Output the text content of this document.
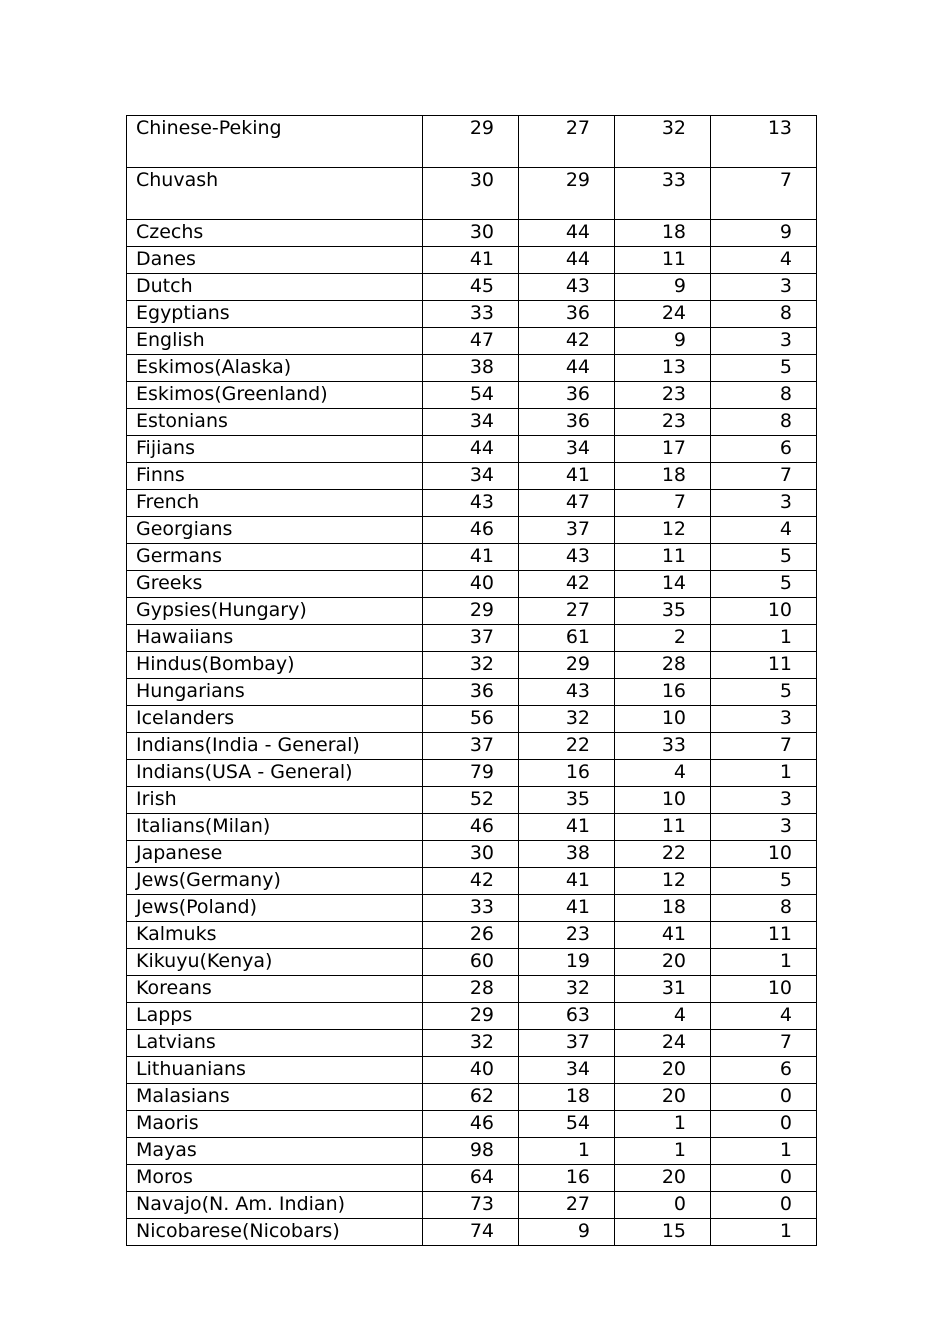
Chinese-Peking	29	27	32	13
Chuvash	30	29	33	7
Czechs	30	44	18	9
Danes	41	44	11	4
Dutch	45	43	9	3
Egyptians	33	36	24	8
English	47	42	9	3
Eskimos(Alaska)	38	44	13	5
Eskimos(Greenland)	54	36	23	8
Estonians	34	36	23	8
Fijians	44	34	17	6
Finns	34	41	18	7
French	43	47	7	3
Georgians	46	37	12	4
Germans	41	43	11	5
Greeks	40	42	14	5
Gypsies(Hungary)	29	27	35	10
Hawaiians	37	61	2	1
Hindus(Bombay)	32	29	28	11
Hungarians	36	43	16	5
Icelanders	56	32	10	3
Indians(India - General)	37	22	33	7
Indians(USA - General)	79	16	4	1
Irish	52	35	10	3
Italians(Milan)	46	41	11	3
Japanese	30	38	22	10
Jews(Germany)	42	41	12	5
Jews(Poland)	33	41	18	8
Kalmuks	26	23	41	11
Kikuyu(Kenya)	60	19	20	1
Koreans	28	32	31	10
Lapps	29	63	4	4
Latvians	32	37	24	7
Lithuanians	40	34	20	6
Malasians	62	18	20	0
Maoris	46	54	1	0
Mayas	98	1	1	1
Moros	64	16	20	0
Navajo(N. Am. Indian)	73	27	0	0
Nicobarese(Nicobars)	74	9	15	1
